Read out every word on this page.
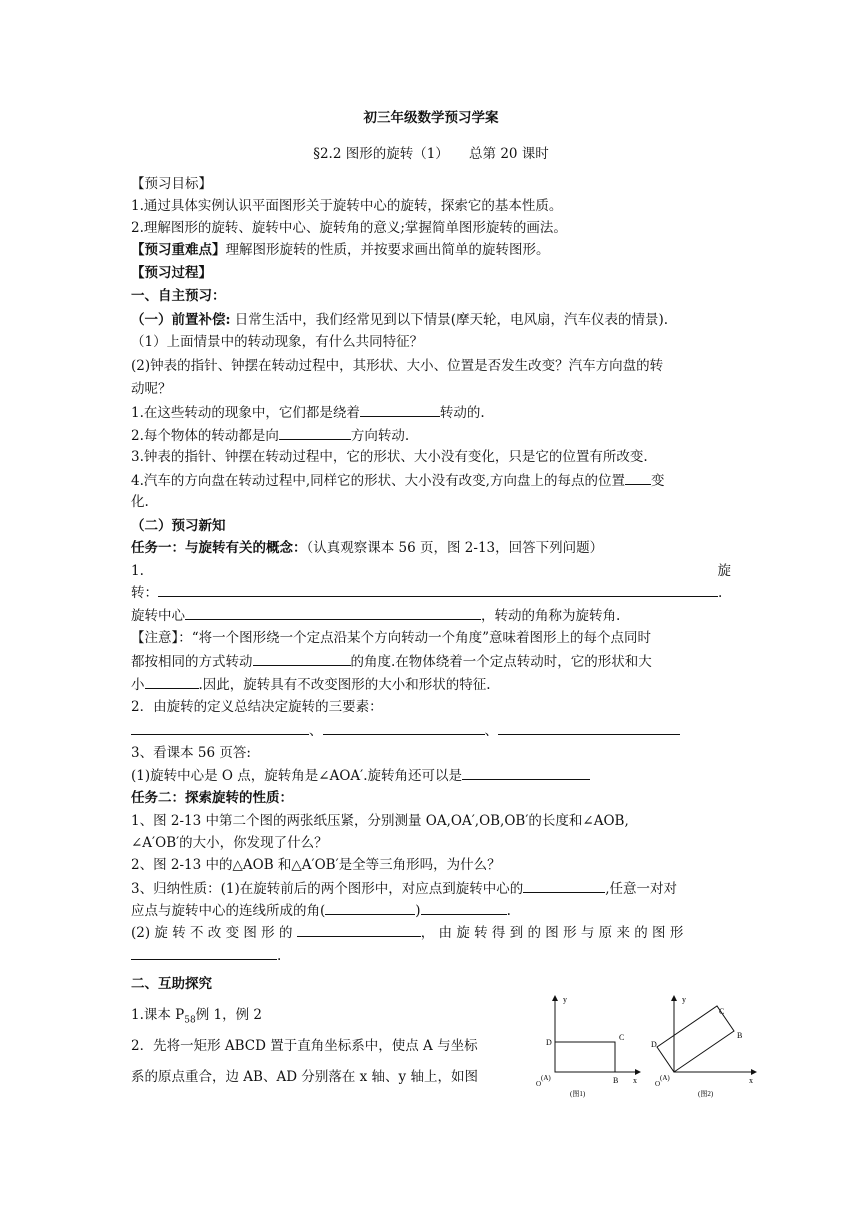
初三年级数学预习学案
§2.2 图形的旋转（1）　　总第 20 课时
【预习目标】
1.通过具体实例认识平面图形关于旋转中心的旋转，探索它的基本性质。
2.理解图形的旋转、旋转中心、旋转角的意义;掌握简单图形旋转的画法。
【预习重难点】理解图形旋转的性质，并按要求画出简单的旋转图形。
【预习过程】
一、自主预习：
（一）前置补偿: 日常生活中，我们经常见到以下情景(摩天轮，电风扇，汽车仪表的情景).
（1）上面情景中的转动现象，有什么共同特征？
(2)钟表的指针、钟摆在转动过程中，其形状、大小、位置是否发生改变？汽车方向盘的转
动呢？
1.在这些转动的现象中，它们都是绕着	转动的.
2.每个物体的转动都是向	方向转动.
3.钟表的指针、钟摆在转动过程中，它的形状、大小没有变化，只是它的位置有所改变.
4.汽车的方向盘在转动过程中,同样它的形状、大小没有改变,方向盘上的每点的位置 变
化.
（二）预习新知
任务一：与旋转有关的概念：（认真观察课本 56 页，图 2-13，回答下列问题）
1.	旋
转：	.
旋转中心	，转动的角称为旋转角.
【注意】：“将一个图形绕一个定点沿某个方向转动一个角度”意味着图形上的每个点同时
都按相同的方式转动	的角度.在物体绕着一个定点转动时，它的形状和大
小	.因此，旋转具有不改变图形的大小和形状的特征.
2．由旋转的定义总结决定旋转的三要素：
、	、
3、看课本 56 页答:
(1)旋转中心是 O 点，旋转角是∠AOA′.旋转角还可以是
任务二：探索旋转的性质：
1、图 2-13 中第二个图的两张纸压紧，分别测量 OA,OA′,OB,OB′的长度和∠AOB,
∠A′OB′的大小，你发现了什么？
2、图 2-13 中的△AOB 和△A′OB′是全等三角形吗，为什么？
3、归纳性质：(1)在旋转前后的两个图形中，对应点到旋转中心的	,任意一对对
应点与旋转中心的连线所成的角(	)	.
(2) 旋 转 不 改 变 图 形 的	， 由 旋 转 得 到 的 图 形 与 原 来 的 图 形
.
二、互助探究
1.课本 $P_{58}$例 1，例 2
2．先将一矩形 ABCD 置于直角坐标系中，使点 A 与坐标
系的原点重合，边 AB、AD 分别落在 x 轴、y 轴上，如图
y
x
D
C
B
(A)
O
(图1)
y
x
D
C
B
(A)
O
(图2)
